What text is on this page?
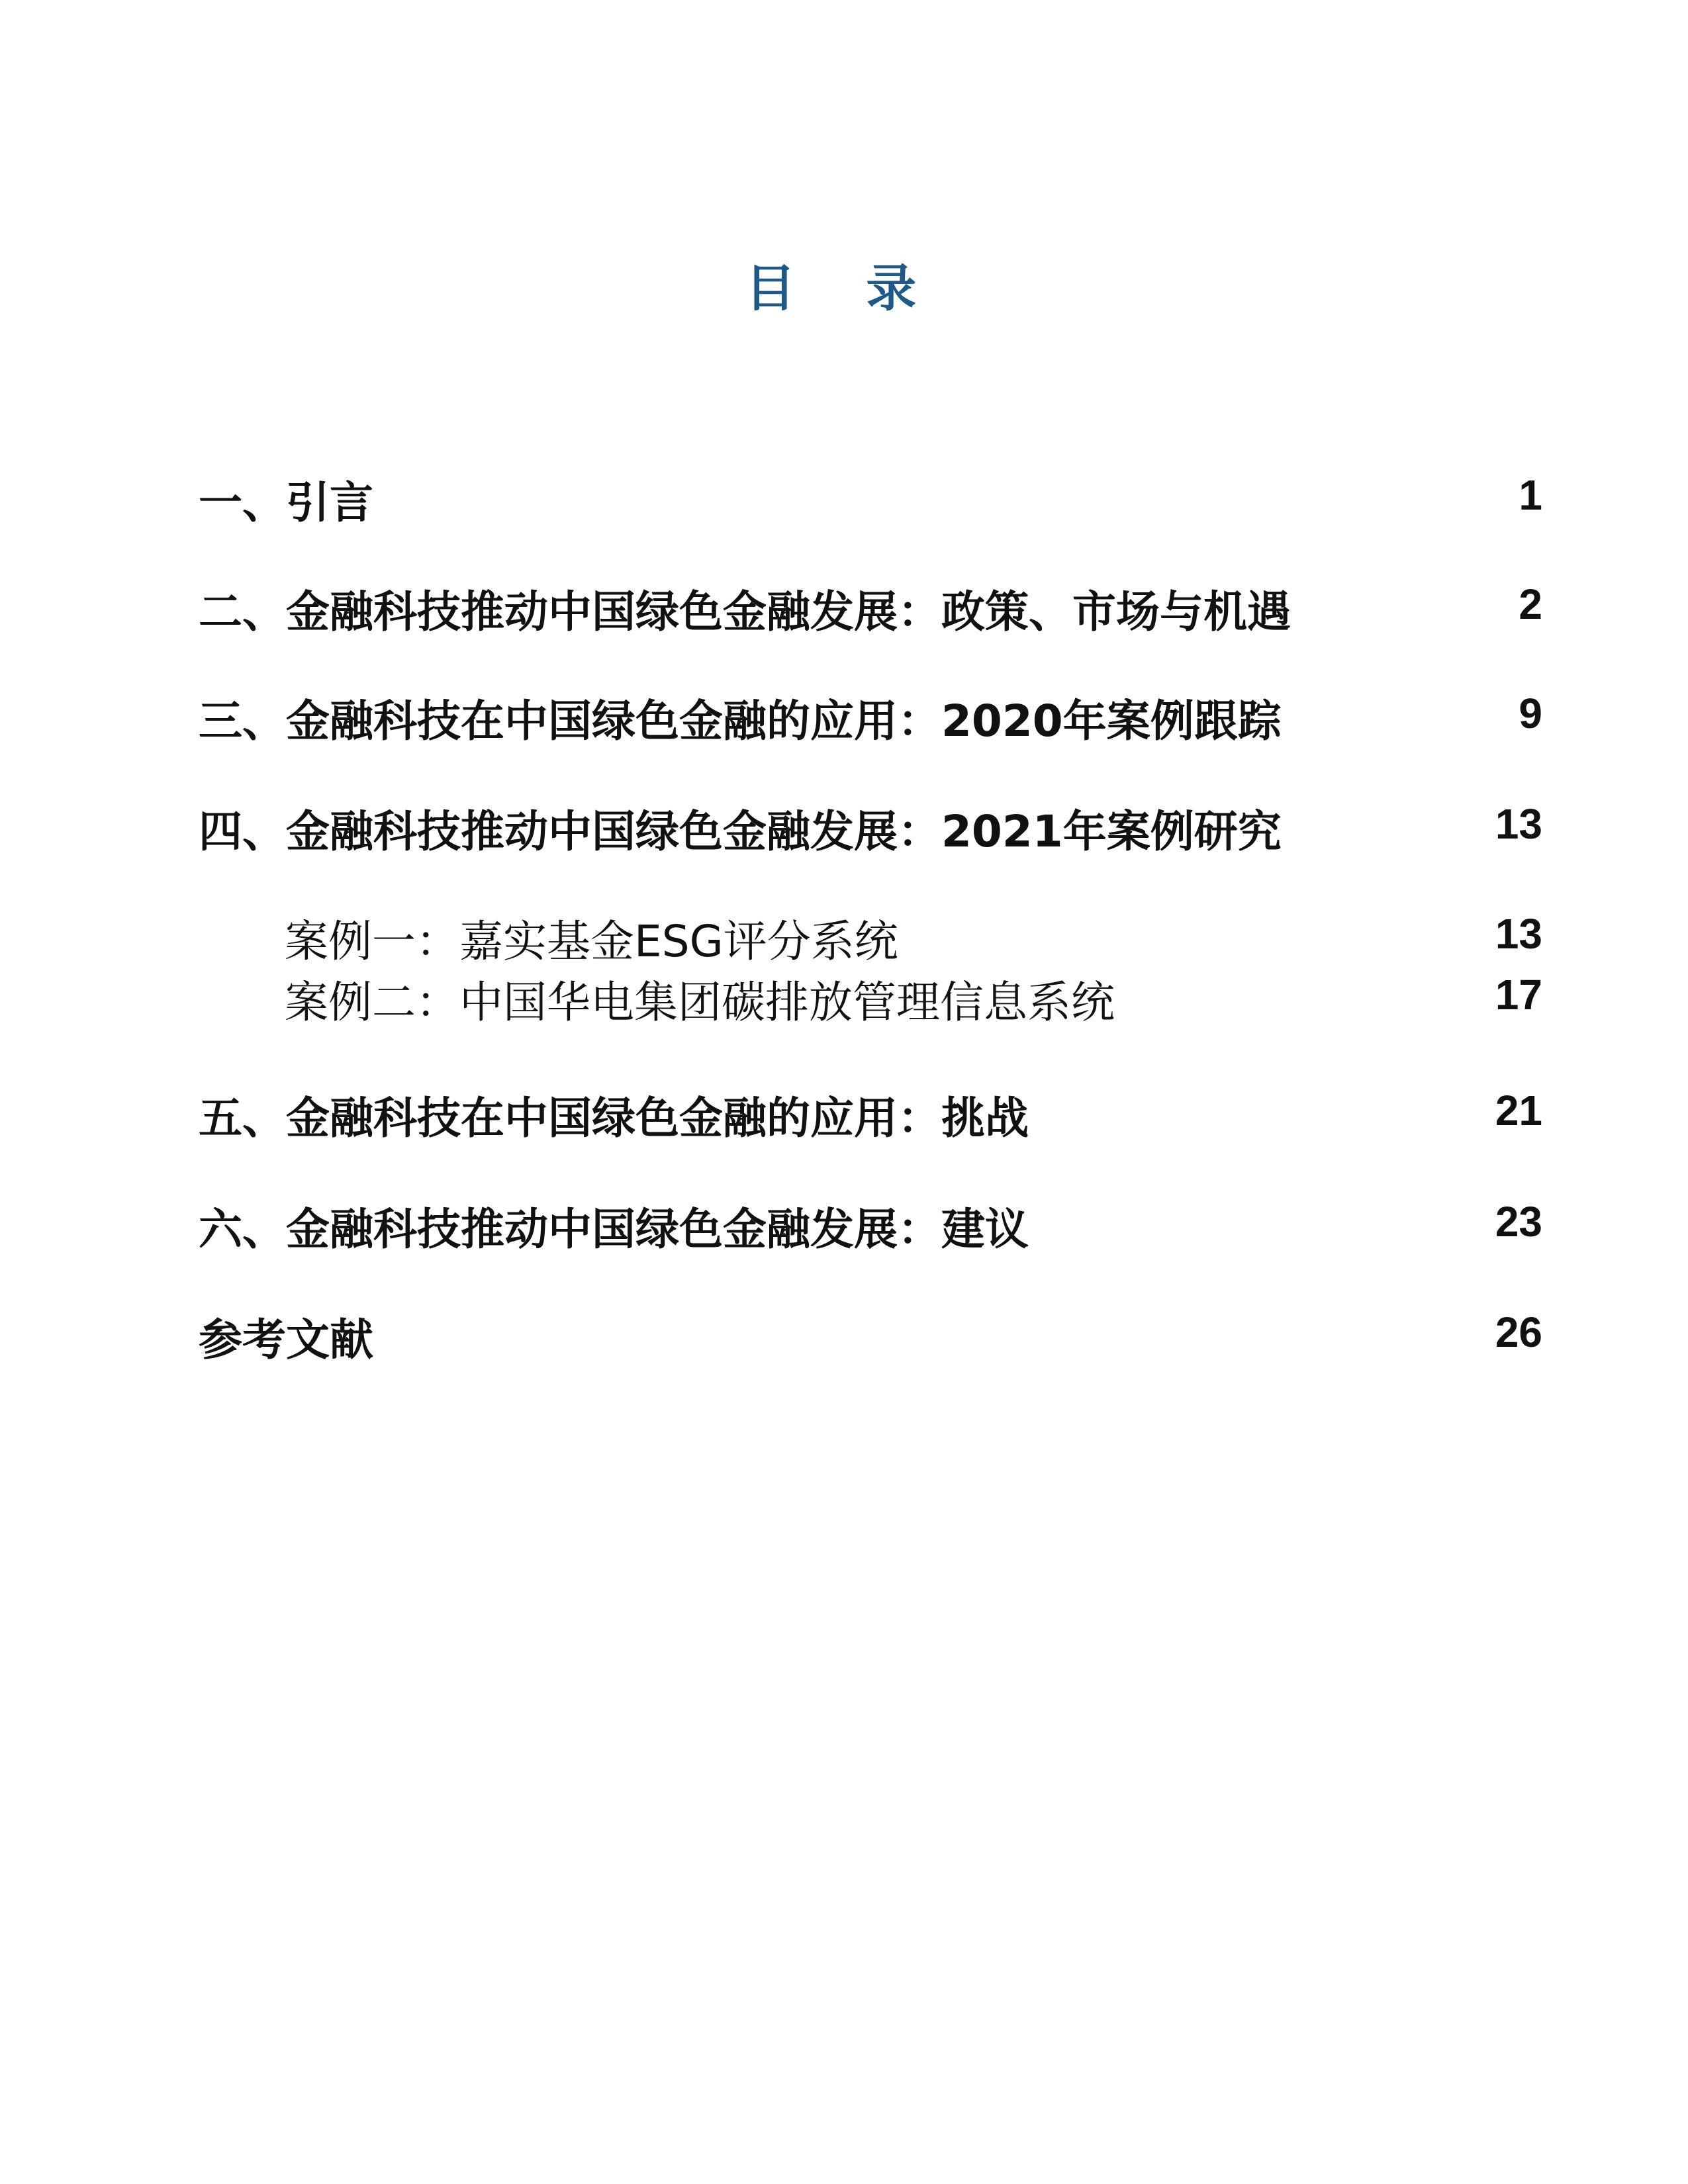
目 录
一、引言	1
二、金融科技推动中国绿色金融发展：政策、市场与机遇	2
三、金融科技在中国绿色金融的应用：2020年案例跟踪	9
四、金融科技推动中国绿色金融发展：2021年案例研究	13
案例一：嘉实基金ESG评分系统	13
案例二：中国华电集团碳排放管理信息系统	17
五、金融科技在中国绿色金融的应用：挑战	21
六、金融科技推动中国绿色金融发展：建议	23
参考文献	26
